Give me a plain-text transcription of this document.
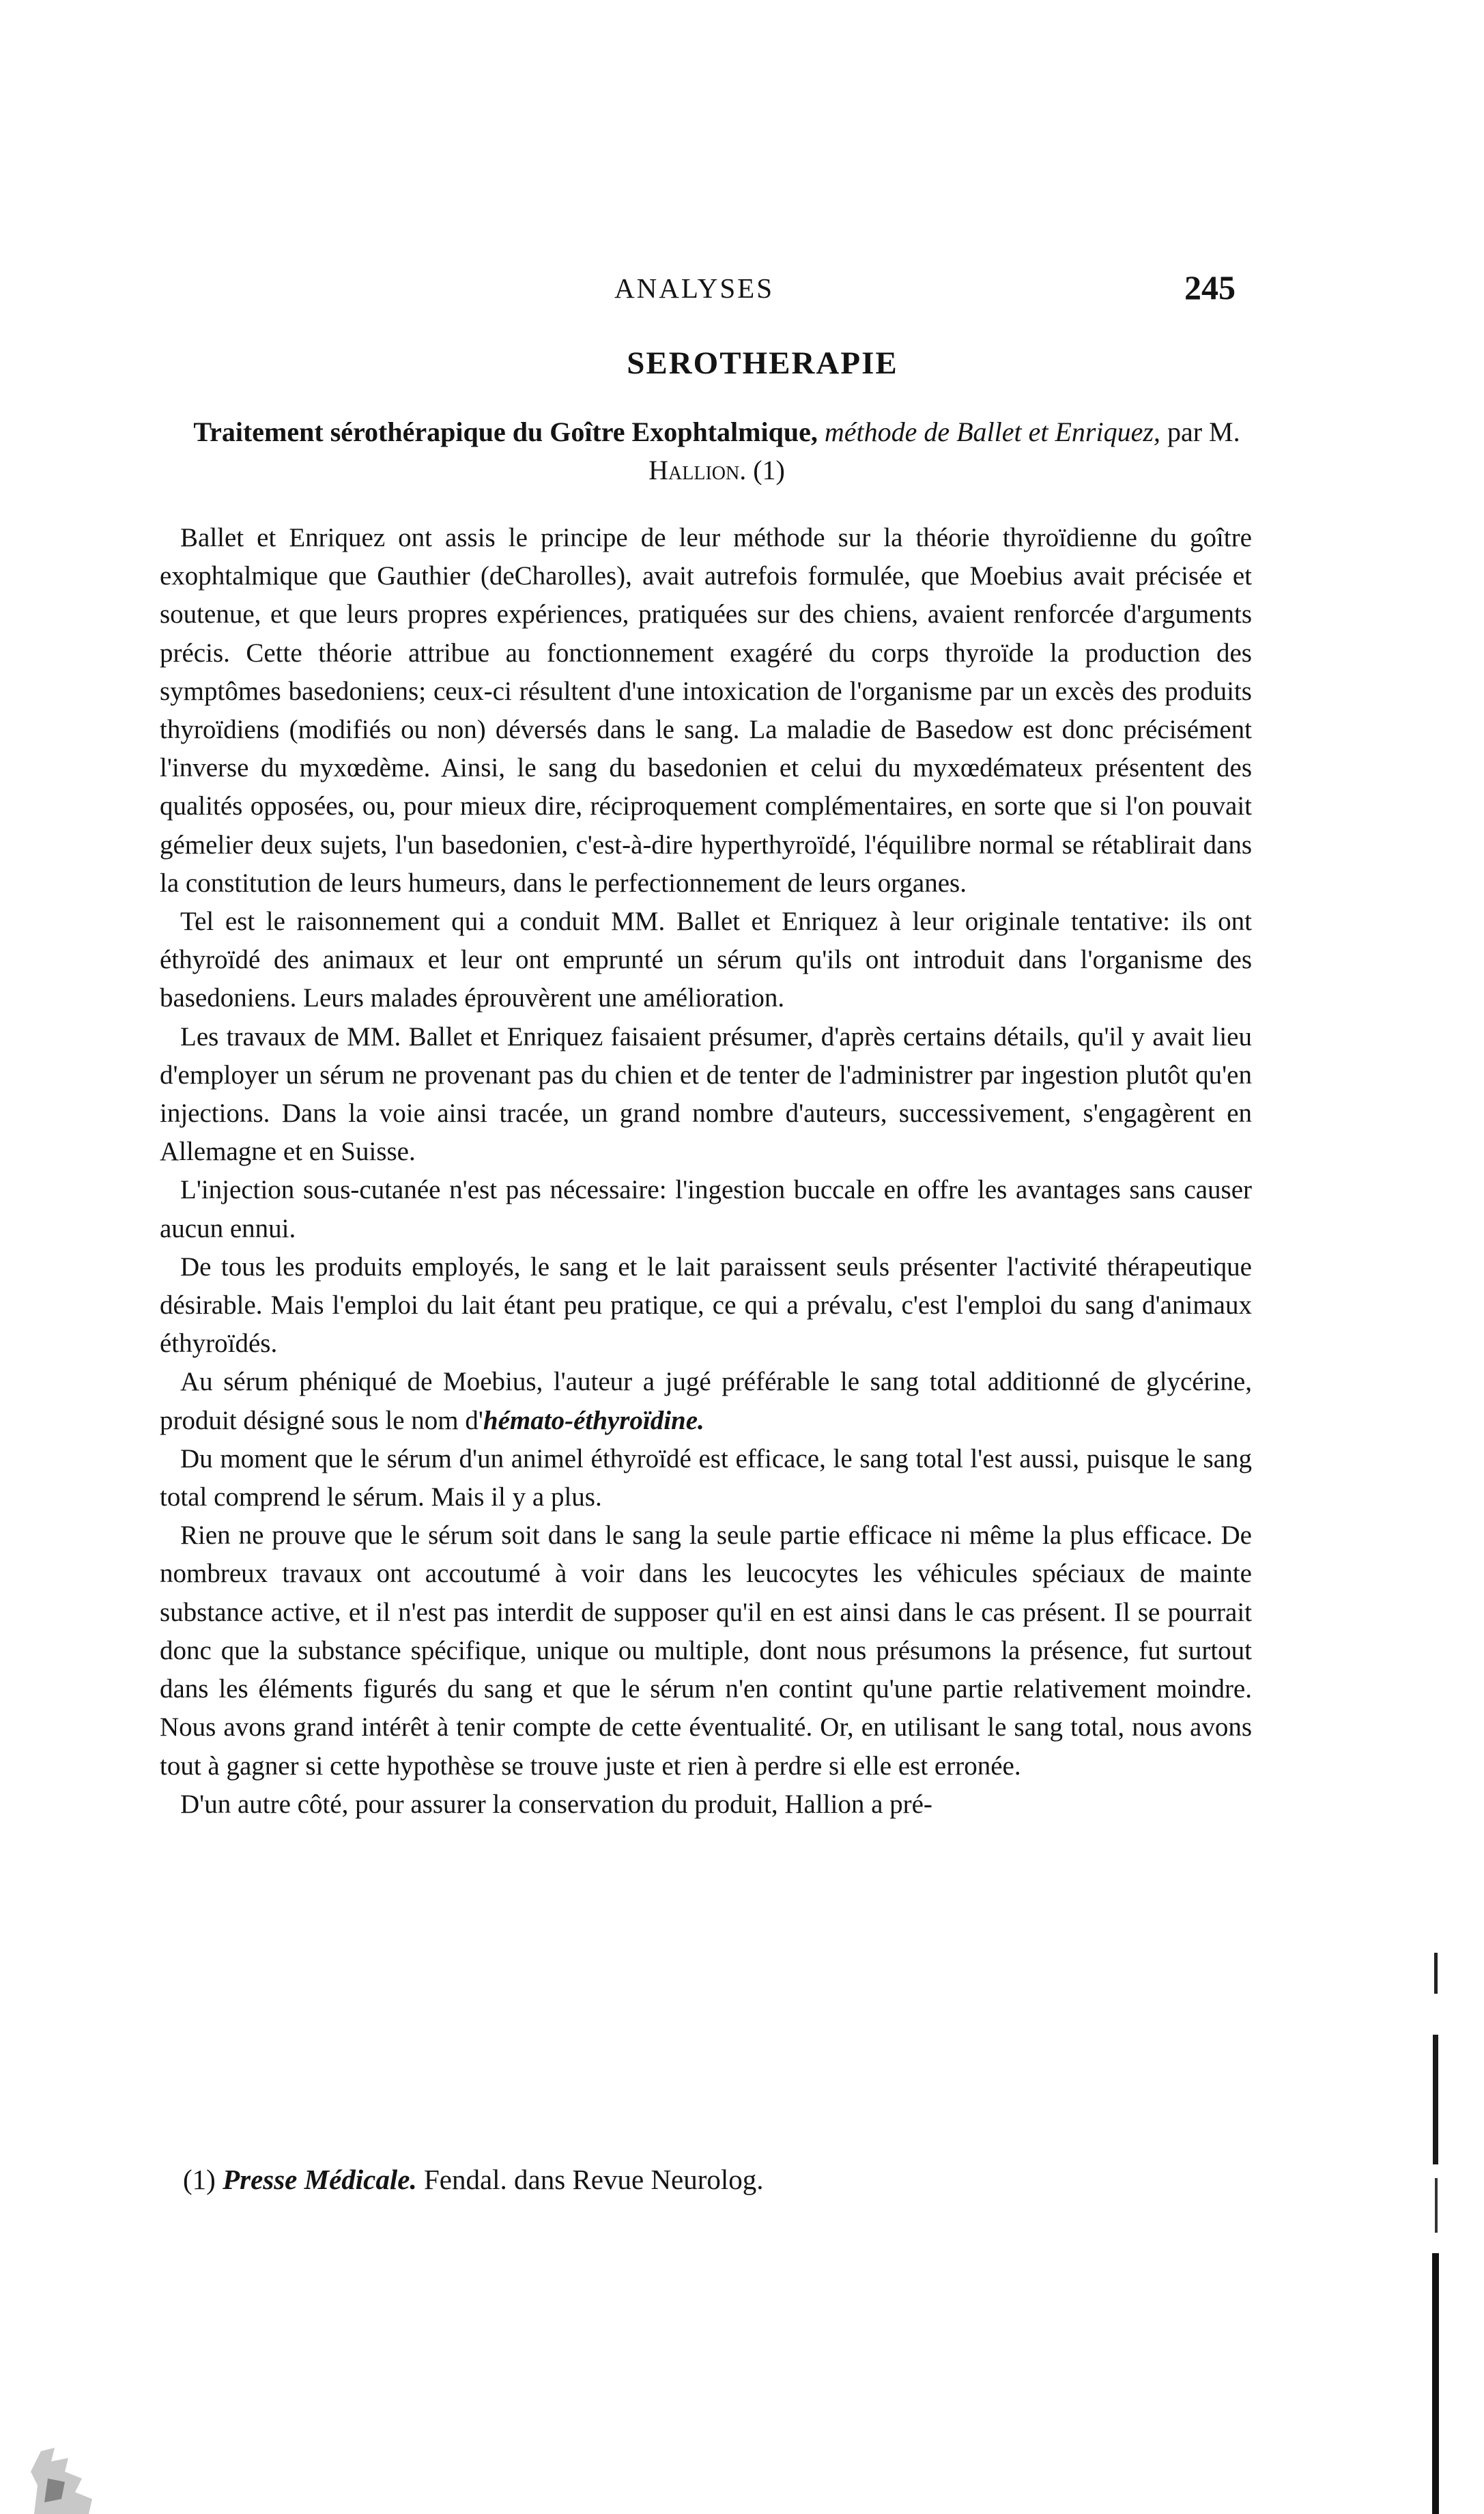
ANALYSES	245
SEROTHERAPIE
Traitement sérothérapique du Goître Exophtalmique, méthode de Ballet et Enriquez, par M. Hallion. (1)

Ballet et Enriquez ont assis le principe de leur méthode sur la théorie thyroïdienne du goître exophtalmique que Gauthier (deCharolles), avait autrefois formulée, que Moebius avait précisée et soutenue, et que leurs propres expériences, pratiquées sur des chiens, avaient renforcée d'arguments précis. Cette théorie attribue au fonctionnement exagéré du corps thyroïde la production des symptômes basedoniens; ceux-ci résultent d'une intoxication de l'organisme par un excès des produits thyroïdiens (modifiés ou non) déversés dans le sang. La maladie de Basedow est donc précisément l'inverse du myxœdème. Ainsi, le sang du basedonien et celui du myxœdémateux présentent des qualités opposées, ou, pour mieux dire, réciproquement complémentaires, en sorte que si l'on pouvait gémelier deux sujets, l'un basedonien, c'est-à-dire hyperthyroïdé, l'équilibre normal se rétablirait dans la constitution de leurs humeurs, dans le perfectionnement de leurs organes.

Tel est le raisonnement qui a conduit MM. Ballet et Enriquez à leur originale tentative: ils ont éthyroïdé des animaux et leur ont emprunté un sérum qu'ils ont introduit dans l'organisme des basedoniens. Leurs malades éprouvèrent une amélioration.

Les travaux de MM. Ballet et Enriquez faisaient présumer, d'après certains détails, qu'il y avait lieu d'employer un sérum ne provenant pas du chien et de tenter de l'administrer par ingestion plutôt qu'en injections. Dans la voie ainsi tracée, un grand nombre d'auteurs, successivement, s'engagèrent en Allemagne et en Suisse.

L'injection sous-cutanée n'est pas nécessaire: l'ingestion buccale en offre les avantages sans causer aucun ennui.

De tous les produits employés, le sang et le lait paraissent seuls présenter l'activité thérapeutique désirable. Mais l'emploi du lait étant peu pratique, ce qui a prévalu, c'est l'emploi du sang d'animaux éthyroïdés.

Au sérum phéniqué de Moebius, l'auteur a jugé préférable le sang total additionné de glycérine, produit désigné sous le nom d'hémato-éthyroïdine.

Du moment que le sérum d'un animel éthyroïdé est efficace, le sang total l'est aussi, puisque le sang total comprend le sérum. Mais il y a plus.

Rien ne prouve que le sérum soit dans le sang la seule partie efficace ni même la plus efficace. De nombreux travaux ont accoutumé à voir dans les leucocytes les véhicules spéciaux de mainte substance active, et il n'est pas interdit de supposer qu'il en est ainsi dans le cas présent. Il se pourrait donc que la substance spécifique, unique ou multiple, dont nous présumons la présence, fut surtout dans les éléments figurés du sang et que le sérum n'en contint qu'une partie relativement moindre. Nous avons grand intérêt à tenir compte de cette éventualité. Or, en utilisant le sang total, nous avons tout à gagner si cette hypothèse se trouve juste et rien à perdre si elle est erronée.

D'un autre côté, pour assurer la conservation du produit, Hallion a pré-

(1) Presse Médicale. Fendal. dans Revue Neurolog.
